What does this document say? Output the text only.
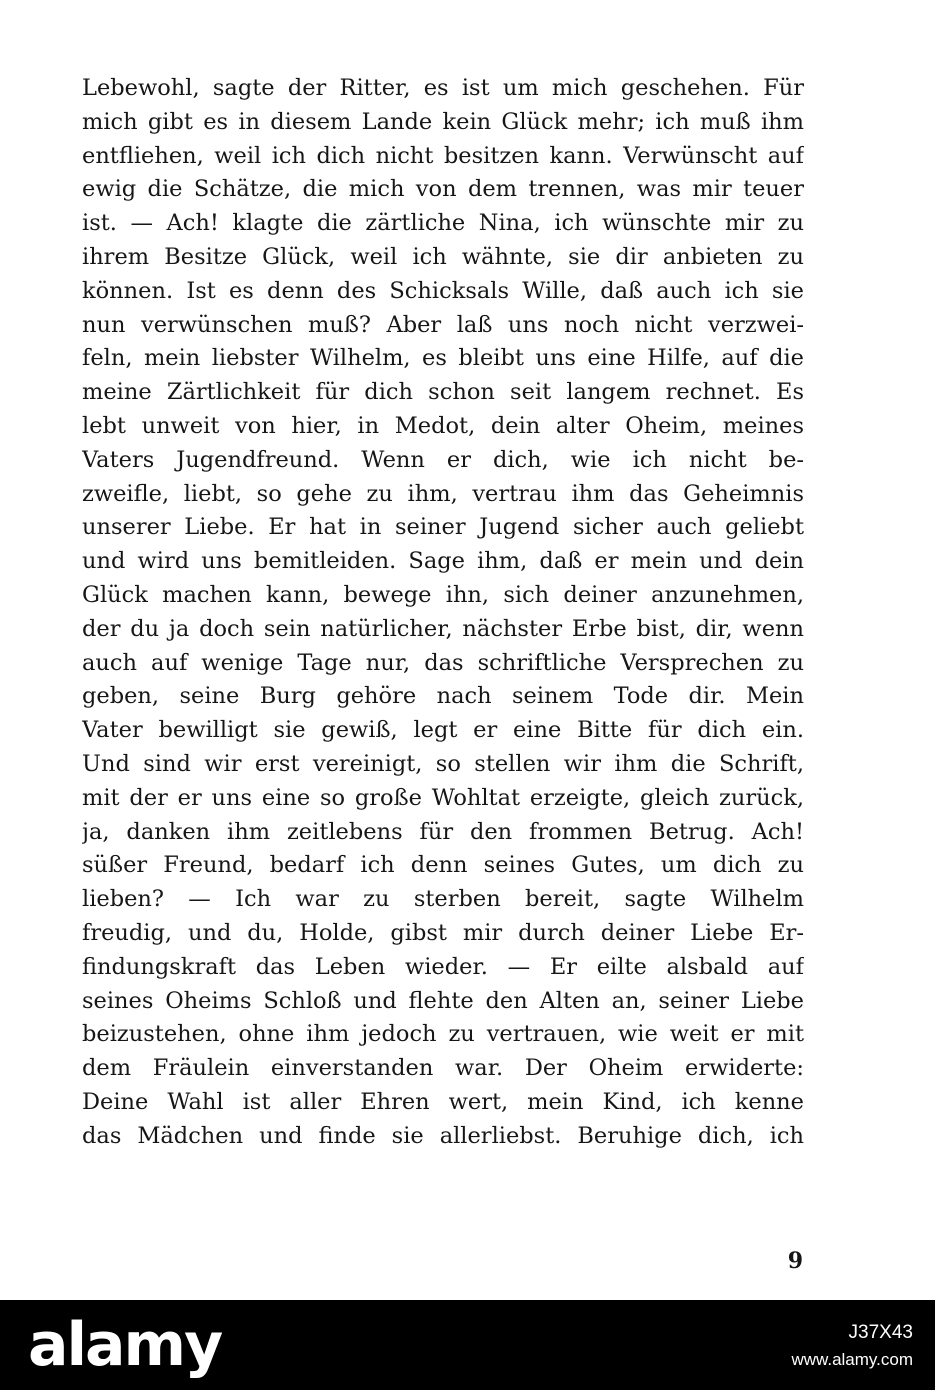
Lebewohl, sagte der Ritter, es ist um mich geschehen. Für
mich gibt es in diesem Lande kein Glück mehr; ich muß ihm
entfliehen, weil ich dich nicht besitzen kann. Verwünscht auf
ewig die Schätze, die mich von dem trennen, was mir teuer
ist. — Ach! klagte die zärtliche Nina, ich wünschte mir zu
ihrem Besitze Glück, weil ich wähnte, sie dir anbieten zu
können. Ist es denn des Schicksals Wille, daß auch ich sie
nun verwünschen muß? Aber laß uns noch nicht verzwei-
feln, mein liebster Wilhelm, es bleibt uns eine Hilfe, auf die
meine Zärtlichkeit für dich schon seit langem rechnet. Es
lebt unweit von hier, in Medot, dein alter Oheim, meines
Vaters Jugendfreund. Wenn er dich, wie ich nicht be-
zweifle, liebt, so gehe zu ihm, vertrau ihm das Geheimnis
unserer Liebe. Er hat in seiner Jugend sicher auch geliebt
und wird uns bemitleiden. Sage ihm, daß er mein und dein
Glück machen kann, bewege ihn, sich deiner anzunehmen,
der du ja doch sein natürlicher, nächster Erbe bist, dir, wenn
auch auf wenige Tage nur, das schriftliche Versprechen zu
geben, seine Burg gehöre nach seinem Tode dir. Mein
Vater bewilligt sie gewiß, legt er eine Bitte für dich ein.
Und sind wir erst vereinigt, so stellen wir ihm die Schrift,
mit der er uns eine so große Wohltat erzeigte, gleich zurück,
ja, danken ihm zeitlebens für den frommen Betrug. Ach!
süßer Freund, bedarf ich denn seines Gutes, um dich zu
lieben? — Ich war zu sterben bereit, sagte Wilhelm
freudig, und du, Holde, gibst mir durch deiner Liebe Er-
findungskraft das Leben wieder. — Er eilte alsbald auf
seines Oheims Schloß und flehte den Alten an, seiner Liebe
beizustehen, ohne ihm jedoch zu vertrauen, wie weit er mit
dem Fräulein einverstanden war. Der Oheim erwiderte:
Deine Wahl ist aller Ehren wert, mein Kind, ich kenne
das Mädchen und finde sie allerliebst. Beruhige dich, ich
9
alamy	J37X43
www.alamy.com
